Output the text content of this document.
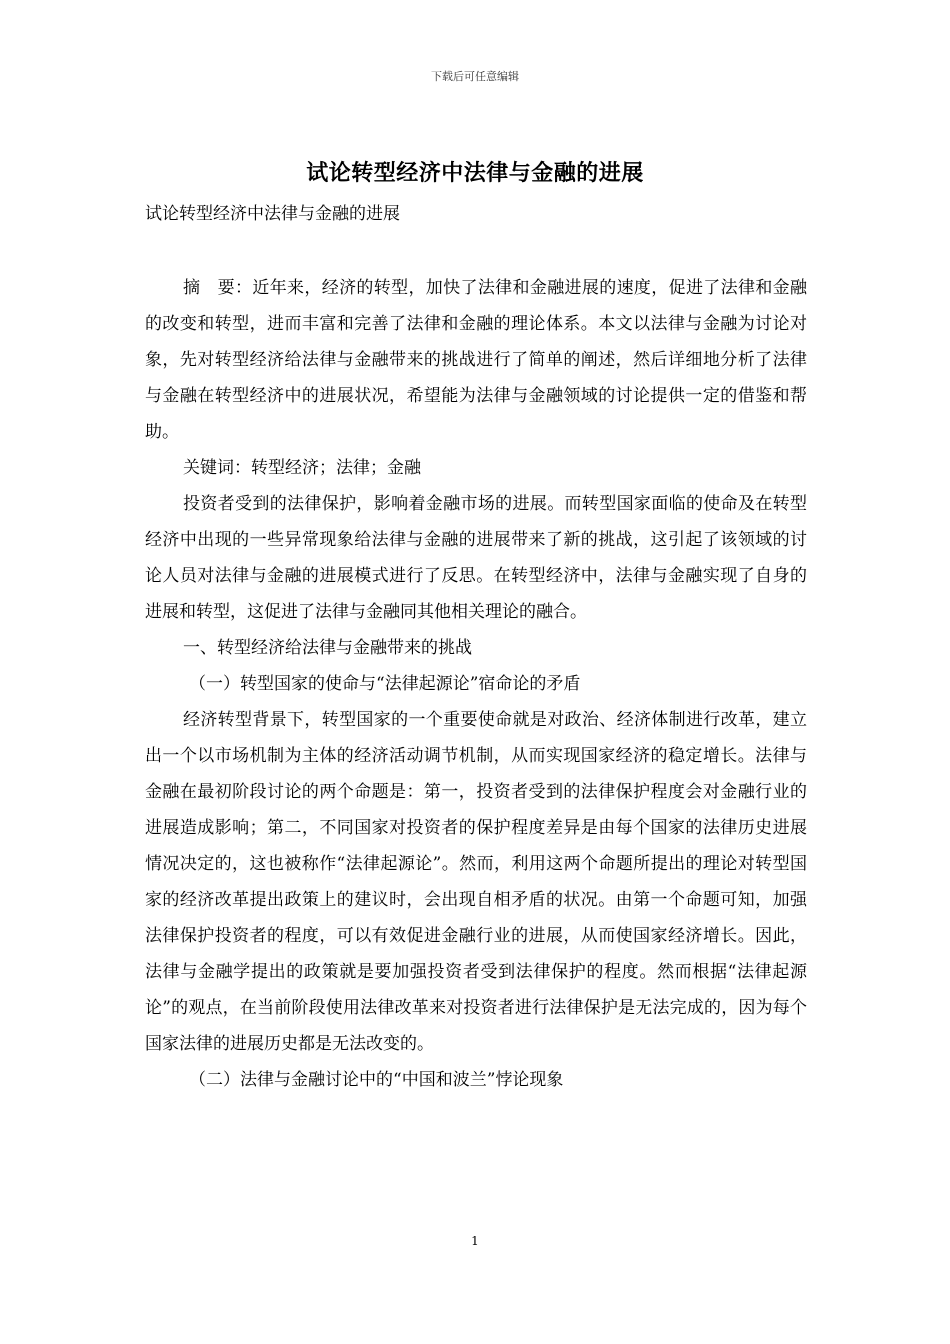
下载后可任意编辑
试论转型经济中法律与金融的进展

试论转型经济中法律与金融的进展

摘　要：近年来，经济的转型，加快了法律和金融进展的速度，促进了法律和金融的改变和转型，进而丰富和完善了法律和金融的理论体系。本文以法律与金融为讨论对象，先对转型经济给法律与金融带来的挑战进行了简单的阐述，然后详细地分析了法律与金融在转型经济中的进展状况，希望能为法律与金融领域的讨论提供一定的借鉴和帮助。

关键词：转型经济；法律；金融

投资者受到的法律保护，影响着金融市场的进展。而转型国家面临的使命及在转型经济中出现的一些异常现象给法律与金融的进展带来了新的挑战，这引起了该领域的讨论人员对法律与金融的进展模式进行了反思。在转型经济中，法律与金融实现了自身的进展和转型，这促进了法律与金融同其他相关理论的融合。

一、转型经济给法律与金融带来的挑战

（一）转型国家的使命与“法律起源论”宿命论的矛盾

经济转型背景下，转型国家的一个重要使命就是对政治、经济体制进行改革，建立出一个以市场机制为主体的经济活动调节机制，从而实现国家经济的稳定增长。法律与金融在最初阶段讨论的两个命题是：第一，投资者受到的法律保护程度会对金融行业的进展造成影响；第二，不同国家对投资者的保护程度差异是由每个国家的法律历史进展情况决定的，这也被称作“法律起源论”。然而，利用这两个命题所提出的理论对转型国家的经济改革提出政策上的建议时，会出现自相矛盾的状况。由第一个命题可知，加强法律保护投资者的程度，可以有效促进金融行业的进展，从而使国家经济增长。因此，法律与金融学提出的政策就是要加强投资者受到法律保护的程度。然而根据“法律起源论”的观点，在当前阶段使用法律改革来对投资者进行法律保护是无法完成的，因为每个国家法律的进展历史都是无法改变的。

（二）法律与金融讨论中的“中国和波兰”悖论现象

1
